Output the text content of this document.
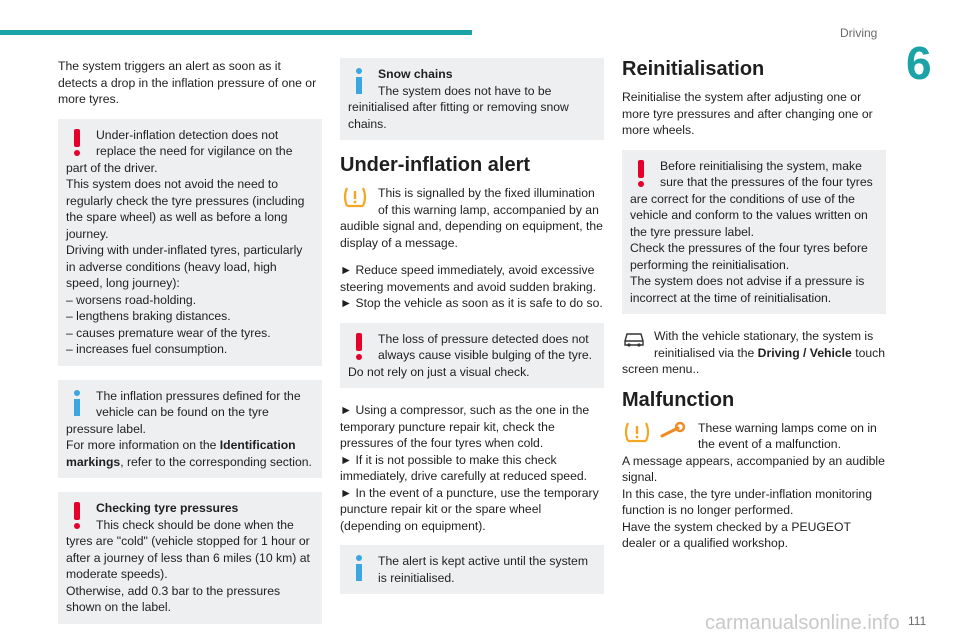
Driving
6

The system triggers an alert as soon as it detects a drop in the inflation pressure of one or more tyres.

Under-inflation detection does not replace the need for vigilance on the part of the driver.
This system does not avoid the need to regularly check the tyre pressures (including the spare wheel) as well as before a long journey.
Driving with under-inflated tyres, particularly in adverse conditions (heavy load, high speed, long journey):
– worsens road-holding.
– lengthens braking distances.
– causes premature wear of the tyres.
– increases fuel consumption.
The inflation pressures defined for the vehicle can be found on the tyre pressure label.
For more information on the Identification markings, refer to the corresponding section.
Checking tyre pressures
This check should be done when the tyres are "cold" (vehicle stopped for 1 hour or after a journey of less than 6 miles (10 km) at moderate speeds).
Otherwise, add 0.3 bar to the pressures shown on the label.
Snow chains
The system does not have to be reinitialised after fitting or removing snow chains.
Under-inflation alert

This is signalled by the fixed illumination of this warning lamp, accompanied by an audible signal and, depending on equipment, the display of a message.

► Reduce speed immediately, avoid excessive steering movements and avoid sudden braking.

► Stop the vehicle as soon as it is safe to do so.

The loss of pressure detected does not always cause visible bulging of the tyre.
Do not rely on just a visual check.

► Using a compressor, such as the one in the temporary puncture repair kit, check the pressures of the four tyres when cold.

► If it is not possible to make this check immediately, drive carefully at reduced speed.

► In the event of a puncture, use the temporary puncture repair kit or the spare wheel (depending on equipment).

The alert is kept active until the system is reinitialised.
Reinitialisation

Reinitialise the system after adjusting one or more tyre pressures and after changing one or more wheels.

Before reinitialising the system, make sure that the pressures of the four tyres are correct for the conditions of use of the vehicle and conform to the values written on the tyre pressure label.
Check the pressures of the four tyres before performing the reinitialisation.
The system does not advise if a pressure is incorrect at the time of reinitialisation.

With the vehicle stationary, the system is reinitialised via the Driving / Vehicle touch screen menu..

Malfunction

These warning lamps come on in the event of a malfunction.

A message appears, accompanied by an audible signal.

In this case, the tyre under-inflation monitoring function is no longer performed.

Have the system checked by a PEUGEOT dealer or a qualified workshop.

carmanualsonline.info 111
